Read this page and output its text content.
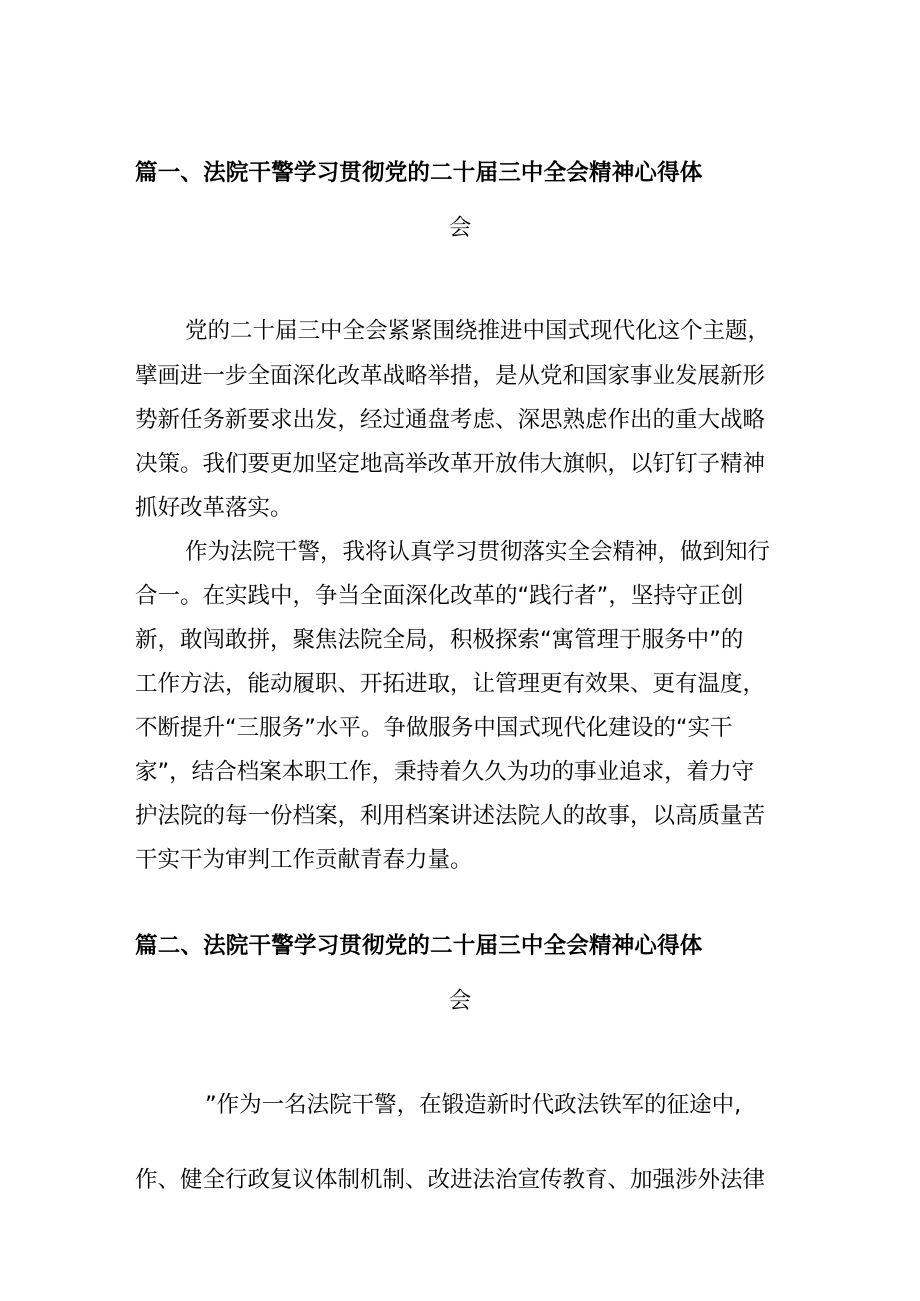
篇一、法院干警学习贯彻党的二十届三中全会精神心得体
会
党的二十届三中全会紧紧围绕推进中国式现代化这个主题，
擘画进一步全面深化改革战略举措，是从党和国家事业发展新形
势新任务新要求出发，经过通盘考虑、深思熟虑作出的重大战略
决策。我们要更加坚定地高举改革开放伟大旗帜，以钉钉子精神
抓好改革落实。
作为法院干警，我将认真学习贯彻落实全会精神，做到知行
合一。在实践中，争当全面深化改革的“践行者”，坚持守正创
新，敢闯敢拼，聚焦法院全局，积极探索“寓管理于服务中”的
工作方法，能动履职、开拓进取，让管理更有效果、更有温度，
不断提升“三服务”水平。争做服务中国式现代化建设的“实干
家”，结合档案本职工作，秉持着久久为功的事业追求，着力守
护法院的每一份档案，利用档案讲述法院人的故事，以高质量苦
干实干为审判工作贡献青春力量。
篇二、法院干警学习贯彻党的二十届三中全会精神心得体
会
”作为一名法院干警，在锻造新时代政法铁军的征途中,
作、健全行政复议体制机制、改进法治宣传教育、加强涉外法律
